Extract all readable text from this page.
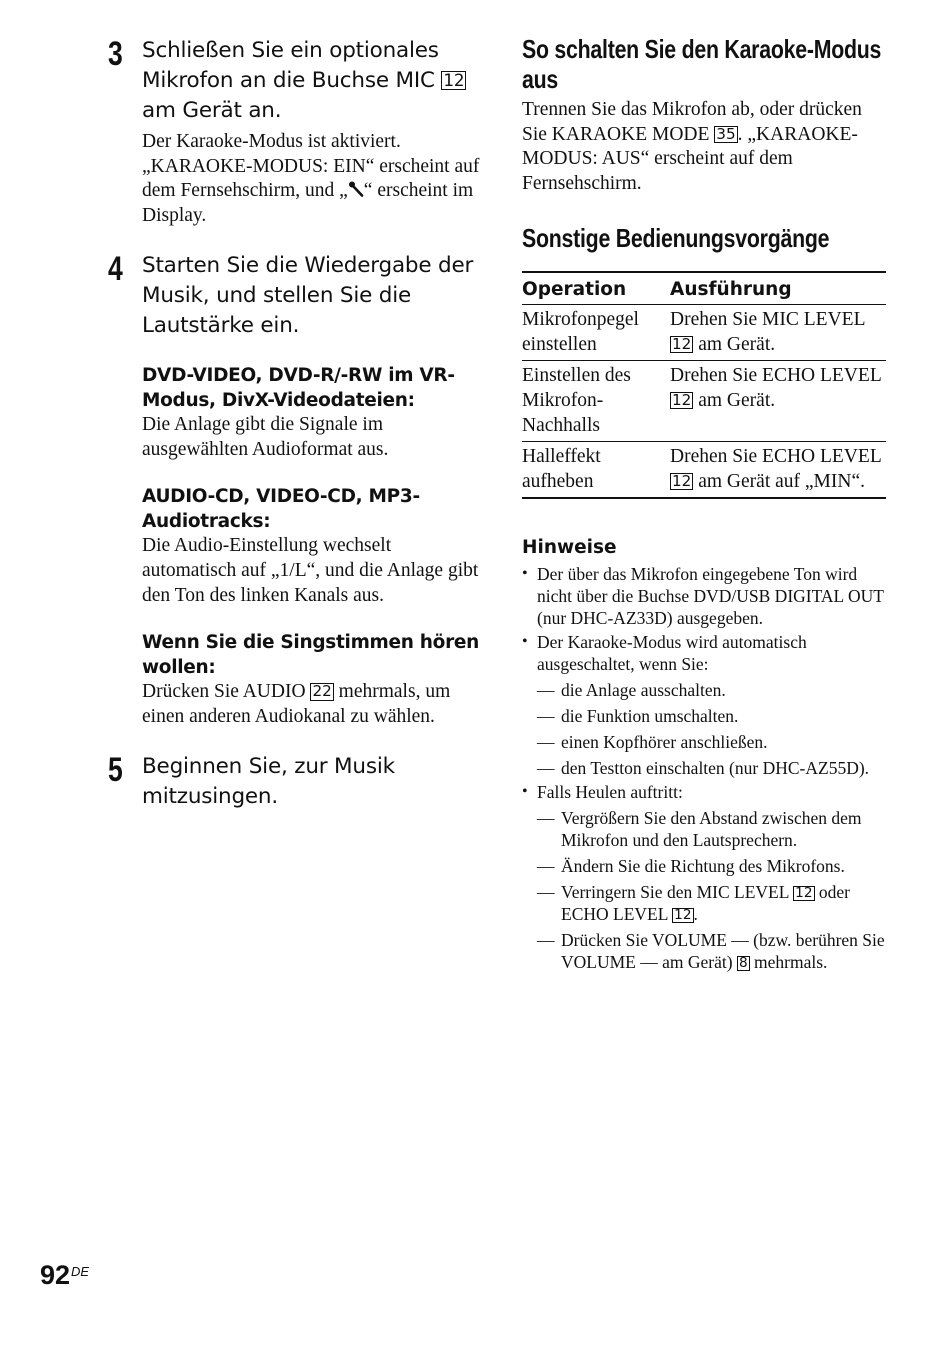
3 Schließen Sie ein optionales Mikrofon an die Buchse MIC 12 am Gerät an.
Der Karaoke-Modus ist aktiviert. „KARAOKE-MODUS: EIN“ erscheint auf dem Fernsehschirm, und „ “ erscheint im Display.
4 Starten Sie die Wiedergabe der Musik, und stellen Sie die Lautstärke ein.
DVD-VIDEO, DVD-R/-RW im VR-Modus, DivX-Videodateien:
Die Anlage gibt die Signale im ausgewählten Audioformat aus.
AUDIO-CD, VIDEO-CD, MP3-Audiotracks:
Die Audio-Einstellung wechselt automatisch auf „1/L“, und die Anlage gibt den Ton des linken Kanals aus.
Wenn Sie die Singstimmen hören wollen:
Drücken Sie AUDIO 22 mehrmals, um einen anderen Audiokanal zu wählen.
5 Beginnen Sie, zur Musik mitzusingen.
So schalten Sie den Karaoke-Modus aus
Trennen Sie das Mikrofon ab, oder drücken Sie KARAOKE MODE 35 . „KARAOKE-MODUS: AUS“ erscheint auf dem Fernsehschirm.
Sonstige Bedienungsvorgänge
Operation	Ausführung
Mikrofonpegel einstellen	Drehen Sie MIC LEVEL 12 am Gerät.
Einstellen des Mikrofon-Nachhalls	Drehen Sie ECHO LEVEL 12 am Gerät.
Halleffekt aufheben	Drehen Sie ECHO LEVEL 12 am Gerät auf „MIN“.
Hinweise
• Der über das Mikrofon eingegebene Ton wird nicht über die Buchse DVD/USB DIGITAL OUT (nur DHC-AZ33D) ausgegeben.
• Der Karaoke-Modus wird automatisch ausgeschaltet, wenn Sie:
— die Anlage ausschalten.
— die Funktion umschalten.
— einen Kopfhörer anschließen.
— den Testton einschalten (nur DHC-AZ55D).
• Falls Heulen auftritt:
— Vergrößern Sie den Abstand zwischen dem Mikrofon und den Lautsprechern.
— Ändern Sie die Richtung des Mikrofons.
— Verringern Sie den MIC LEVEL 12 oder ECHO LEVEL 12 .
— Drücken Sie VOLUME — (bzw. berühren Sie VOLUME — am Gerät) 8 mehrmals.
92DE
